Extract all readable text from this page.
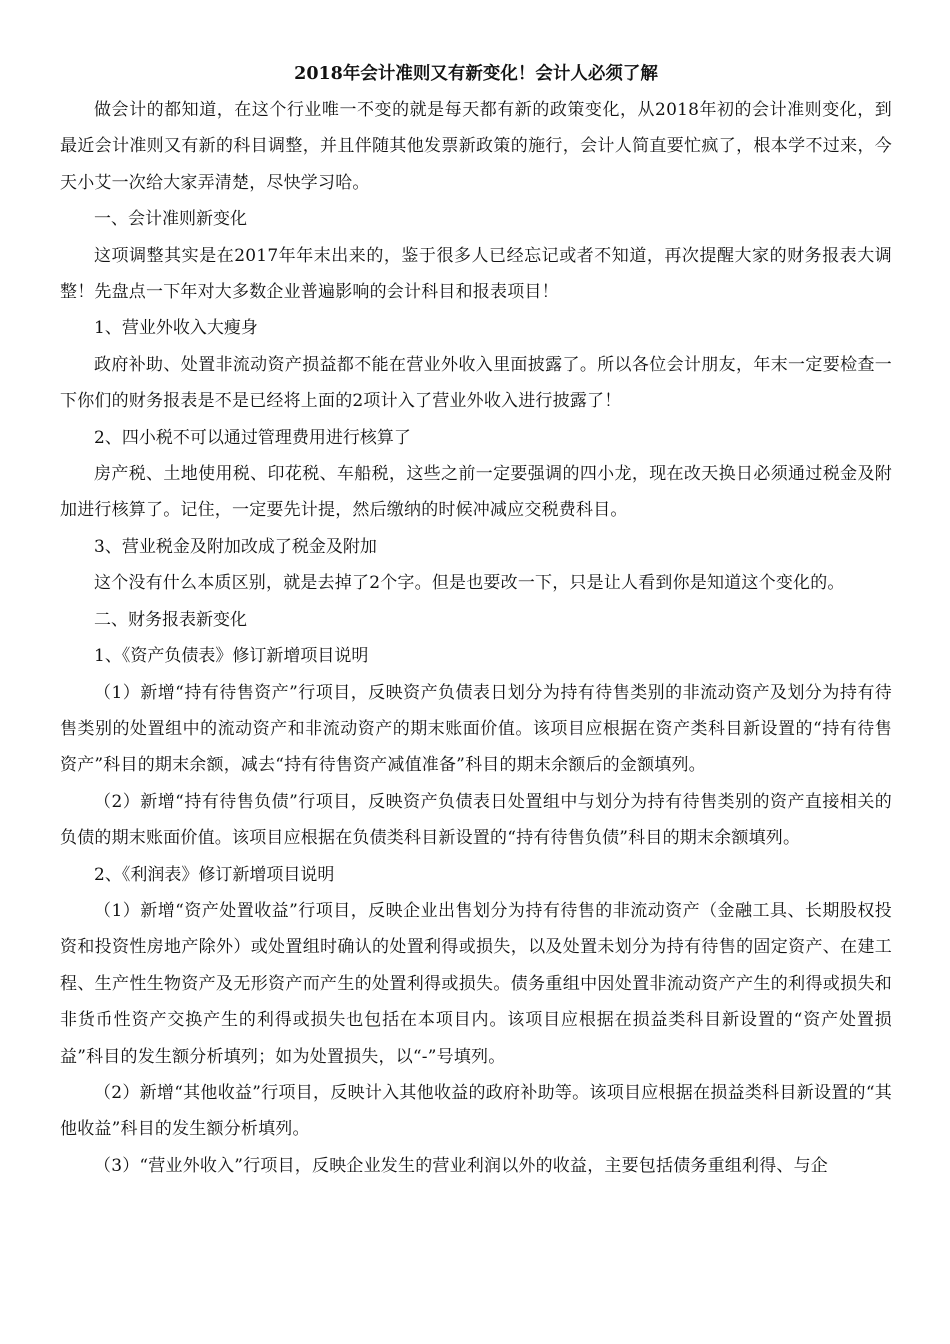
2018年会计准则又有新变化！会计人必须了解

做会计的都知道，在这个行业唯一不变的就是每天都有新的政策变化，从2018年初的会计准则变化，到最近会计准则又有新的科目调整，并且伴随其他发票新政策的施行，会计人简直要忙疯了，根本学不过来，今天小艾一次给大家弄清楚，尽快学习哈。

一、会计准则新变化

这项调整其实是在2017年年末出来的，鉴于很多人已经忘记或者不知道，再次提醒大家的财务报表大调整！先盘点一下年对大多数企业普遍影响的会计科目和报表项目！

1、营业外收入大瘦身

政府补助、处置非流动资产损益都不能在营业外收入里面披露了。所以各位会计朋友，年末一定要检查一下你们的财务报表是不是已经将上面的2项计入了营业外收入进行披露了！

2、四小税不可以通过管理费用进行核算了

房产税、土地使用税、印花税、车船税，这些之前一定要强调的四小龙，现在改天换日必须通过税金及附加进行核算了。记住，一定要先计提，然后缴纳的时候冲减应交税费科目。

3、营业税金及附加改成了税金及附加

这个没有什么本质区别，就是去掉了2个字。但是也要改一下，只是让人看到你是知道这个变化的。

二、财务报表新变化

1、《资产负债表》修订新增项目说明

（1）新增“持有待售资产”行项目，反映资产负债表日划分为持有待售类别的非流动资产及划分为持有待售类别的处置组中的流动资产和非流动资产的期末账面价值。该项目应根据在资产类科目新设置的“持有待售资产”科目的期末余额，减去“持有待售资产减值准备”科目的期末余额后的金额填列。

（2）新增“持有待售负债”行项目，反映资产负债表日处置组中与划分为持有待售类别的资产直接相关的负债的期末账面价值。该项目应根据在负债类科目新设置的“持有待售负债”科目的期末余额填列。

2、《利润表》修订新增项目说明

（1）新增“资产处置收益”行项目，反映企业出售划分为持有待售的非流动资产（金融工具、长期股权投资和投资性房地产除外）或处置组时确认的处置利得或损失，以及处置未划分为持有待售的固定资产、在建工程、生产性生物资产及无形资产而产生的处置利得或损失。债务重组中因处置非流动资产产生的利得或损失和非货币性资产交换产生的利得或损失也包括在本项目内。该项目应根据在损益类科目新设置的“资产处置损益”科目的发生额分析填列；如为处置损失，以“-”号填列。

（2）新增“其他收益”行项目，反映计入其他收益的政府补助等。该项目应根据在损益类科目新设置的“其他收益”科目的发生额分析填列。

（3）“营业外收入”行项目，反映企业发生的营业利润以外的收益，主要包括债务重组利得、与企
